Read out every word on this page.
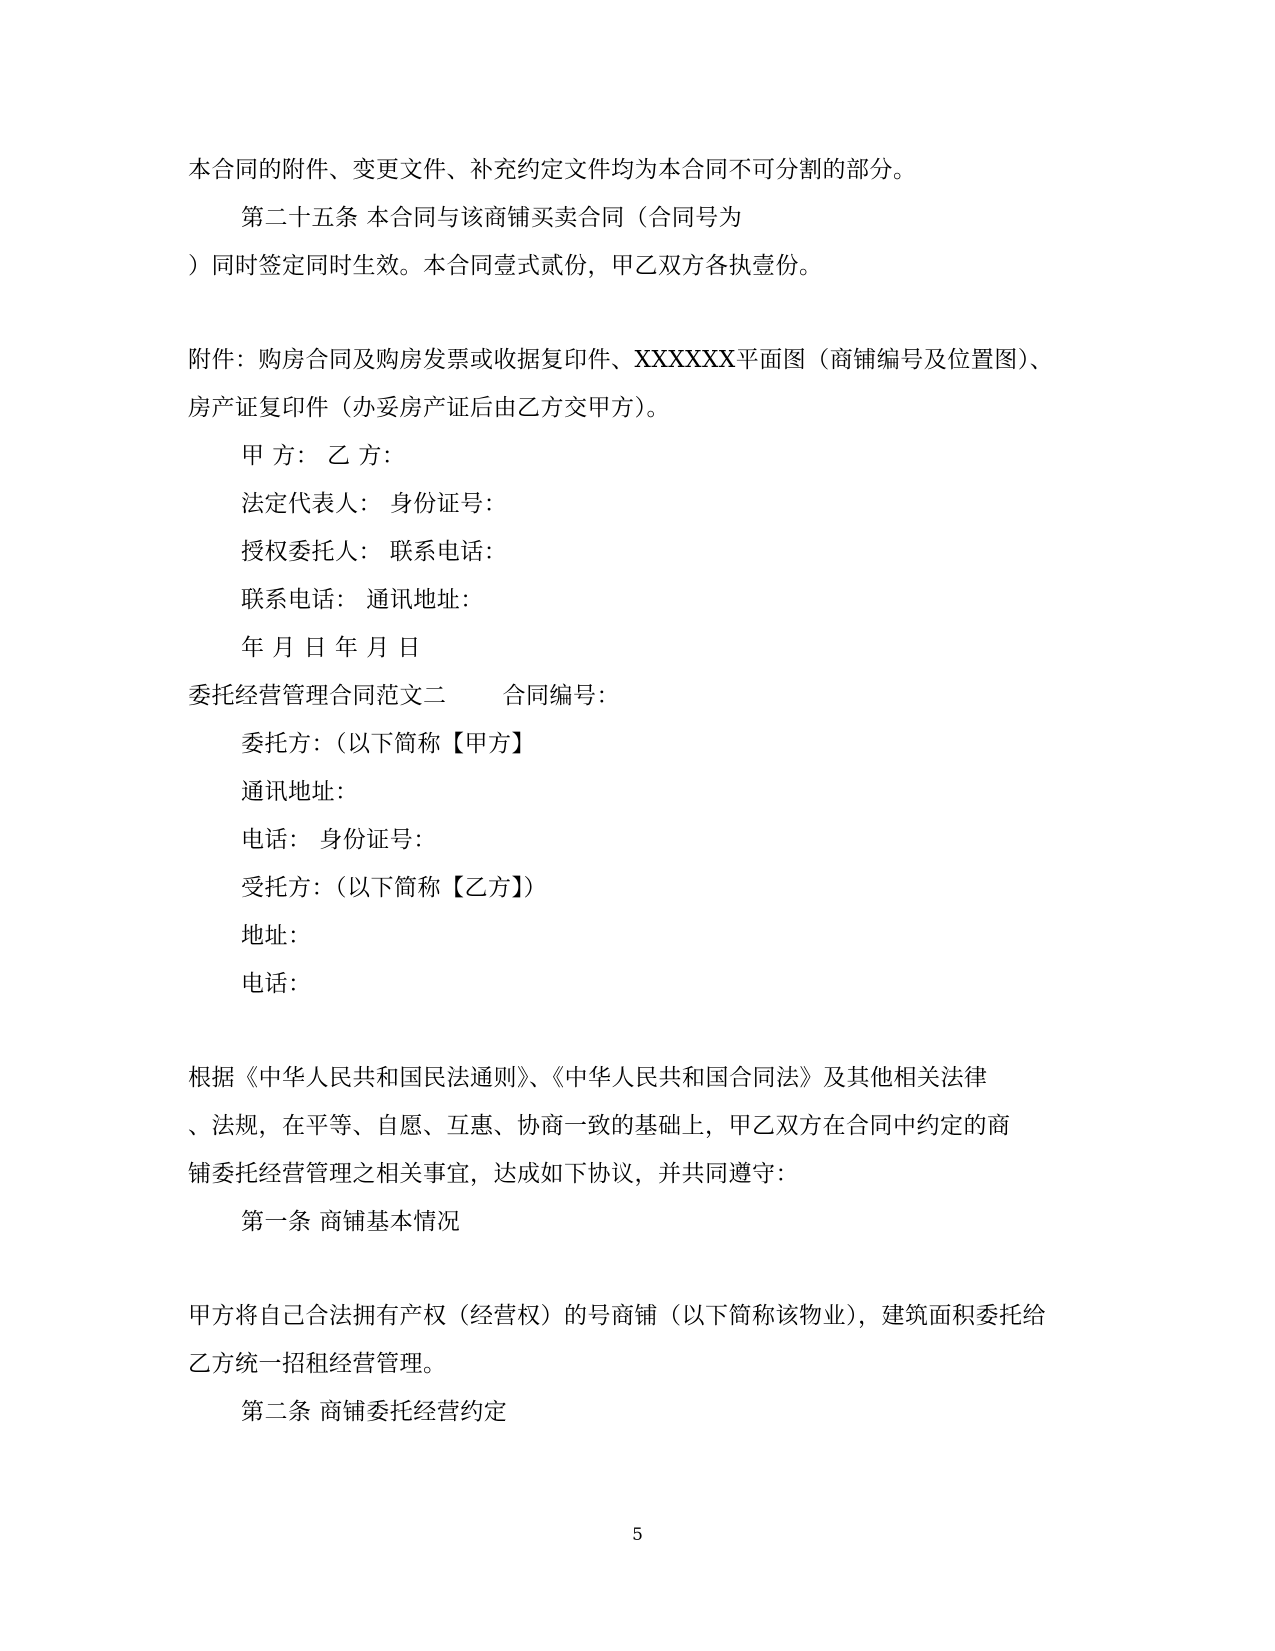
本合同的附件、变更文件、补充约定文件均为本合同不可分割的部分。
第二十五条 本合同与该商铺买卖合同（合同号为
）同时签定同时生效。本合同壹式贰份，甲乙双方各执壹份。
附件：购房合同及购房发票或收据复印件、XXXXXX平面图（商铺编号及位置图）、
房产证复印件（办妥房产证后由乙方交甲方）。
甲 方： 乙 方：
法定代表人： 身份证号：
授权委托人： 联系电话：
联系电话： 通讯地址：
年 月 日 年 月 日
委托经营管理合同范文二 合同编号：
委托方：（以下简称【甲方】
通讯地址：
电话： 身份证号：
受托方：（以下简称【乙方】）
地址：
电话：
根据《中华人民共和国民法通则》、《中华人民共和国合同法》及其他相关法律
、法规，在平等、自愿、互惠、协商一致的基础上，甲乙双方在合同中约定的商
铺委托经营管理之相关事宜，达成如下协议，并共同遵守：
第一条 商铺基本情况
甲方将自己合法拥有产权（经营权）的号商铺（以下简称该物业），建筑面积委托给
乙方统一招租经营管理。
第二条 商铺委托经营约定
5
